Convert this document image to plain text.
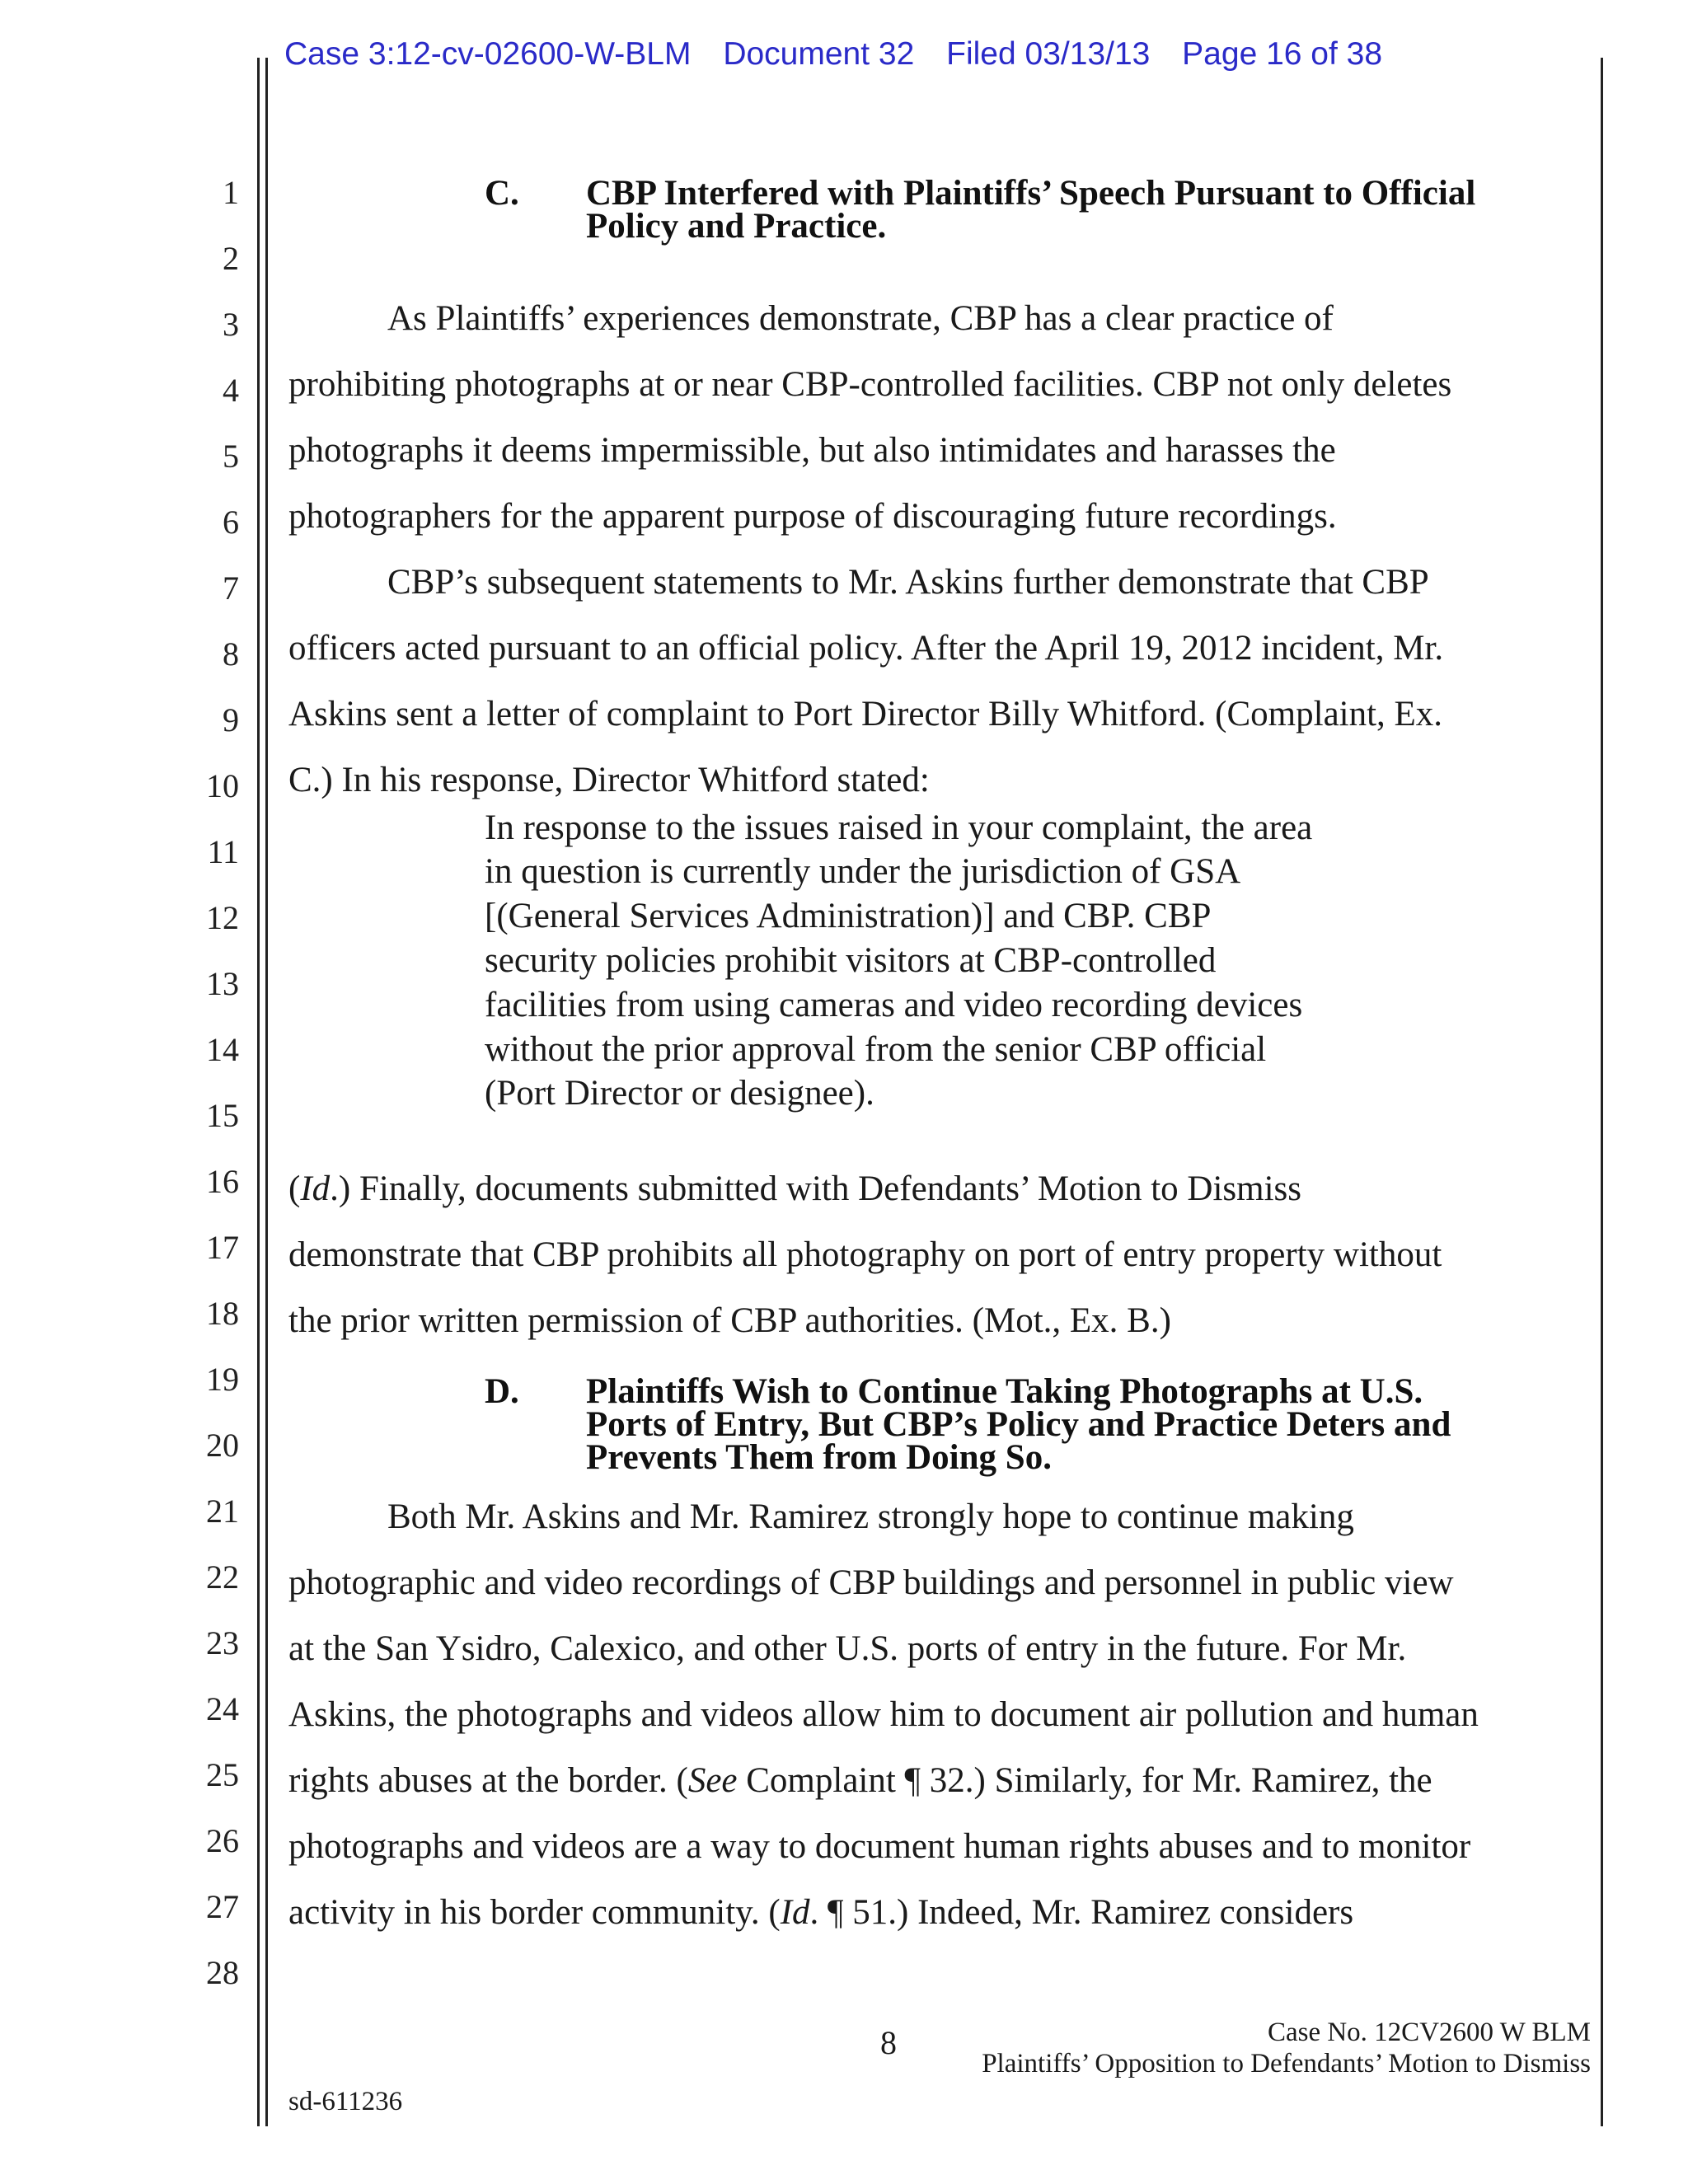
Case 3:12-cv-02600-W-BLM Document 32 Filed 03/13/13 Page 16 of 38
1
2
3
4
5
6
7
8
9
10
11
12
13
14
15
16
17
18
19
20
21
22
23
24
25
26
27
28
C. CBP Interfered with Plaintiffs’ Speech Pursuant to Official
Policy and Practice.
As Plaintiffs’ experiences demonstrate, CBP has a clear practice of
prohibiting photographs at or near CBP-controlled facilities. CBP not only deletes
photographs it deems impermissible, but also intimidates and harasses the
photographers for the apparent purpose of discouraging future recordings.
CBP’s subsequent statements to Mr. Askins further demonstrate that CBP
officers acted pursuant to an official policy. After the April 19, 2012 incident, Mr.
Askins sent a letter of complaint to Port Director Billy Whitford. (Complaint, Ex.
C.) In his response, Director Whitford stated:
In response to the issues raised in your complaint, the area
in question is currently under the jurisdiction of GSA
[(General Services Administration)] and CBP. CBP
security policies prohibit visitors at CBP-controlled
facilities from using cameras and video recording devices
without the prior approval from the senior CBP official
(Port Director or designee).
(Id.) Finally, documents submitted with Defendants’ Motion to Dismiss
demonstrate that CBP prohibits all photography on port of entry property without
the prior written permission of CBP authorities. (Mot., Ex. B.)
D. Plaintiffs Wish to Continue Taking Photographs at U.S.
Ports of Entry, But CBP’s Policy and Practice Deters and
Prevents Them from Doing So.
Both Mr. Askins and Mr. Ramirez strongly hope to continue making
photographic and video recordings of CBP buildings and personnel in public view
at the San Ysidro, Calexico, and other U.S. ports of entry in the future. For Mr.
Askins, the photographs and videos allow him to document air pollution and human
rights abuses at the border. (See Complaint ¶ 32.) Similarly, for Mr. Ramirez, the
photographs and videos are a way to document human rights abuses and to monitor
activity in his border community. (Id. ¶ 51.) Indeed, Mr. Ramirez considers
8	Case No. 12CV2600 W BLM
Plaintiffs’ Opposition to Defendants’ Motion to Dismiss
sd-611236
